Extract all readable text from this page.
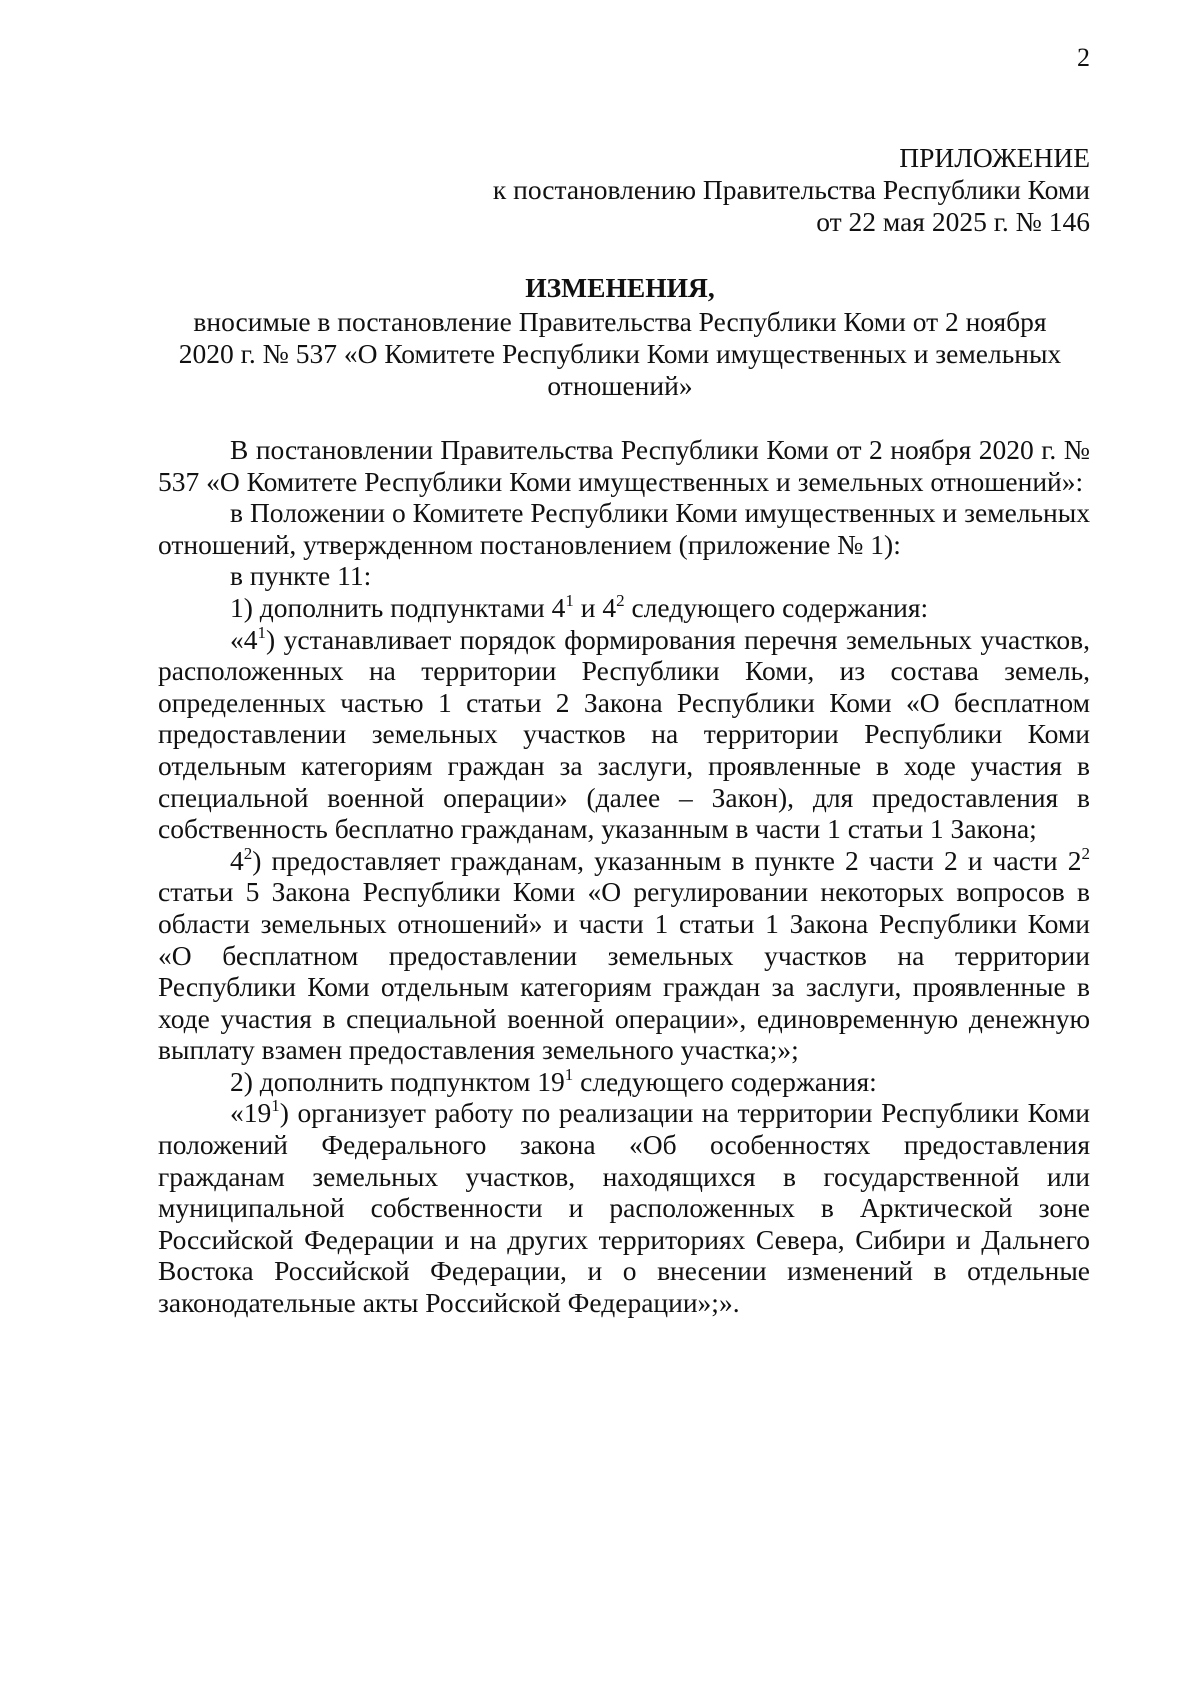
2
ПРИЛОЖЕНИЕ
к постановлению Правительства Республики Коми
от 22 мая 2025 г. № 146
ИЗМЕНЕНИЯ,
вносимые в постановление Правительства Республики Коми от 2 ноября
2020 г. № 537 «О Комитете Республики Коми имущественных и земельных
отношений»

В постановлении Правительства Республики Коми от 2 ноября 2020 г. № 537 «О Комитете Республики Коми имущественных и земельных отношений»:

в Положении о Комитете Республики Коми имущественных и земельных отношений, утвержденном постановлением (приложение № 1):

в пункте 11:

1) дополнить подпунктами $4^1$ и $4^2$ следующего содержания:

«$4^1$) устанавливает порядок формирования перечня земельных участков, расположенных на территории Республики Коми, из состава земель, определенных частью 1 статьи 2 Закона Республики Коми «О бесплатном предоставлении земельных участков на территории Республики Коми отдельным категориям граждан за заслуги, проявленные в ходе участия в специальной военной операции» (далее – Закон), для предоставления в собственность бесплатно гражданам, указанным в части 1 статьи 1 Закона;

$4^2$) предоставляет гражданам, указанным в пункте 2 части 2 и части $2^2$ статьи 5 Закона Республики Коми «О регулировании некоторых вопросов в области земельных отношений» и части 1 статьи 1 Закона Республики Коми «О бесплатном предоставлении земельных участков на территории Республики Коми отдельным категориям граждан за заслуги, проявленные в ходе участия в специальной военной операции», единовременную денежную выплату взамен предоставления земельного участка;»;

2) дополнить подпунктом $19^1$ следующего содержания:

«$19^1$) организует работу по реализации на территории Республики Коми положений Федерального закона «Об особенностях предоставления гражданам земельных участков, находящихся в государственной или муниципальной собственности и расположенных в Арктической зоне Российской Федерации и на других территориях Севера, Сибири и Дальнего Востока Российской Федерации, и о внесении изменений в отдельные законодательные акты Российской Федерации»;».
